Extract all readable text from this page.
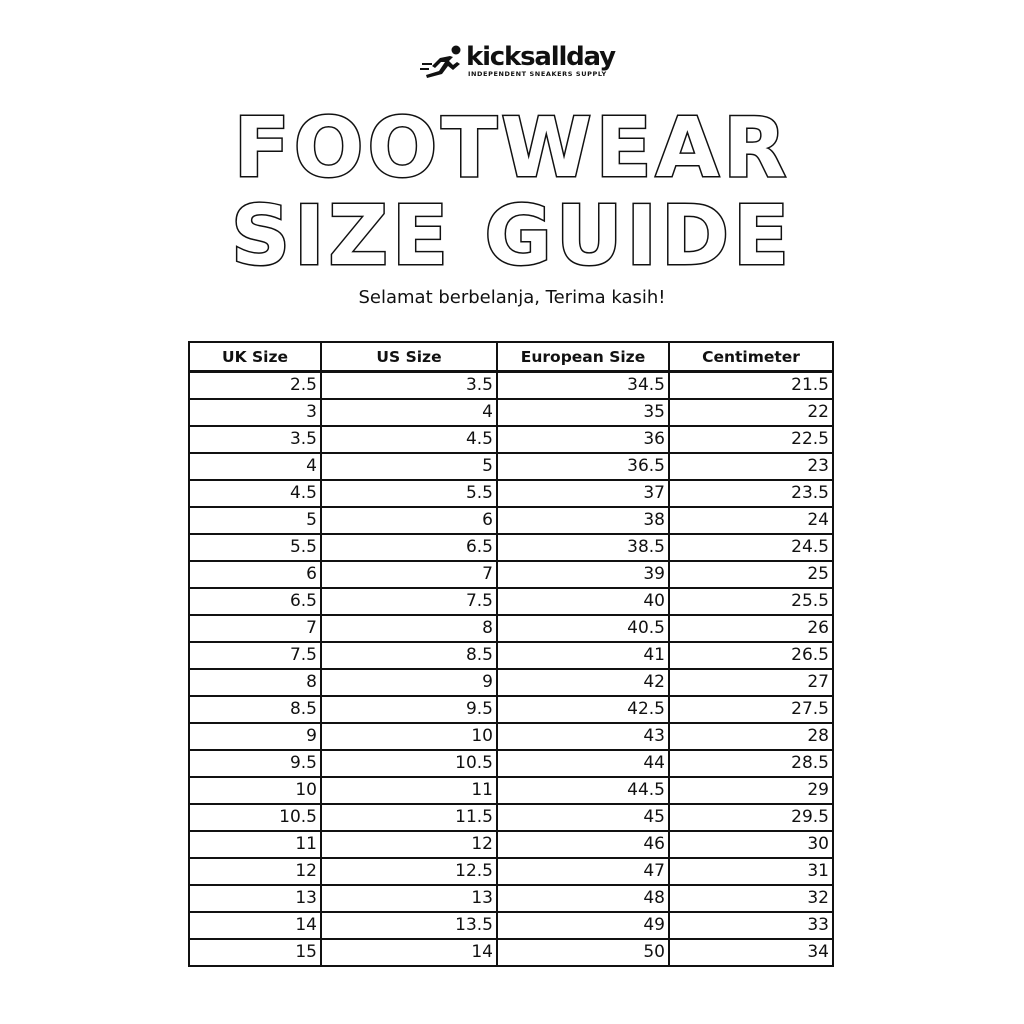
kicksallday
INDEPENDENT SNEAKERS SUPPLY
FOOTWEAR
SIZE GUIDE
Selamat berbelanja, Terima kasih!
UK Size	US Size	European Size	Centimeter
2.5	3.5	34.5	21.5
3	4	35	22
3.5	4.5	36	22.5
4	5	36.5	23
4.5	5.5	37	23.5
5	6	38	24
5.5	6.5	38.5	24.5
6	7	39	25
6.5	7.5	40	25.5
7	8	40.5	26
7.5	8.5	41	26.5
8	9	42	27
8.5	9.5	42.5	27.5
9	10	43	28
9.5	10.5	44	28.5
10	11	44.5	29
10.5	11.5	45	29.5
11	12	46	30
12	12.5	47	31
13	13	48	32
14	13.5	49	33
15	14	50	34
